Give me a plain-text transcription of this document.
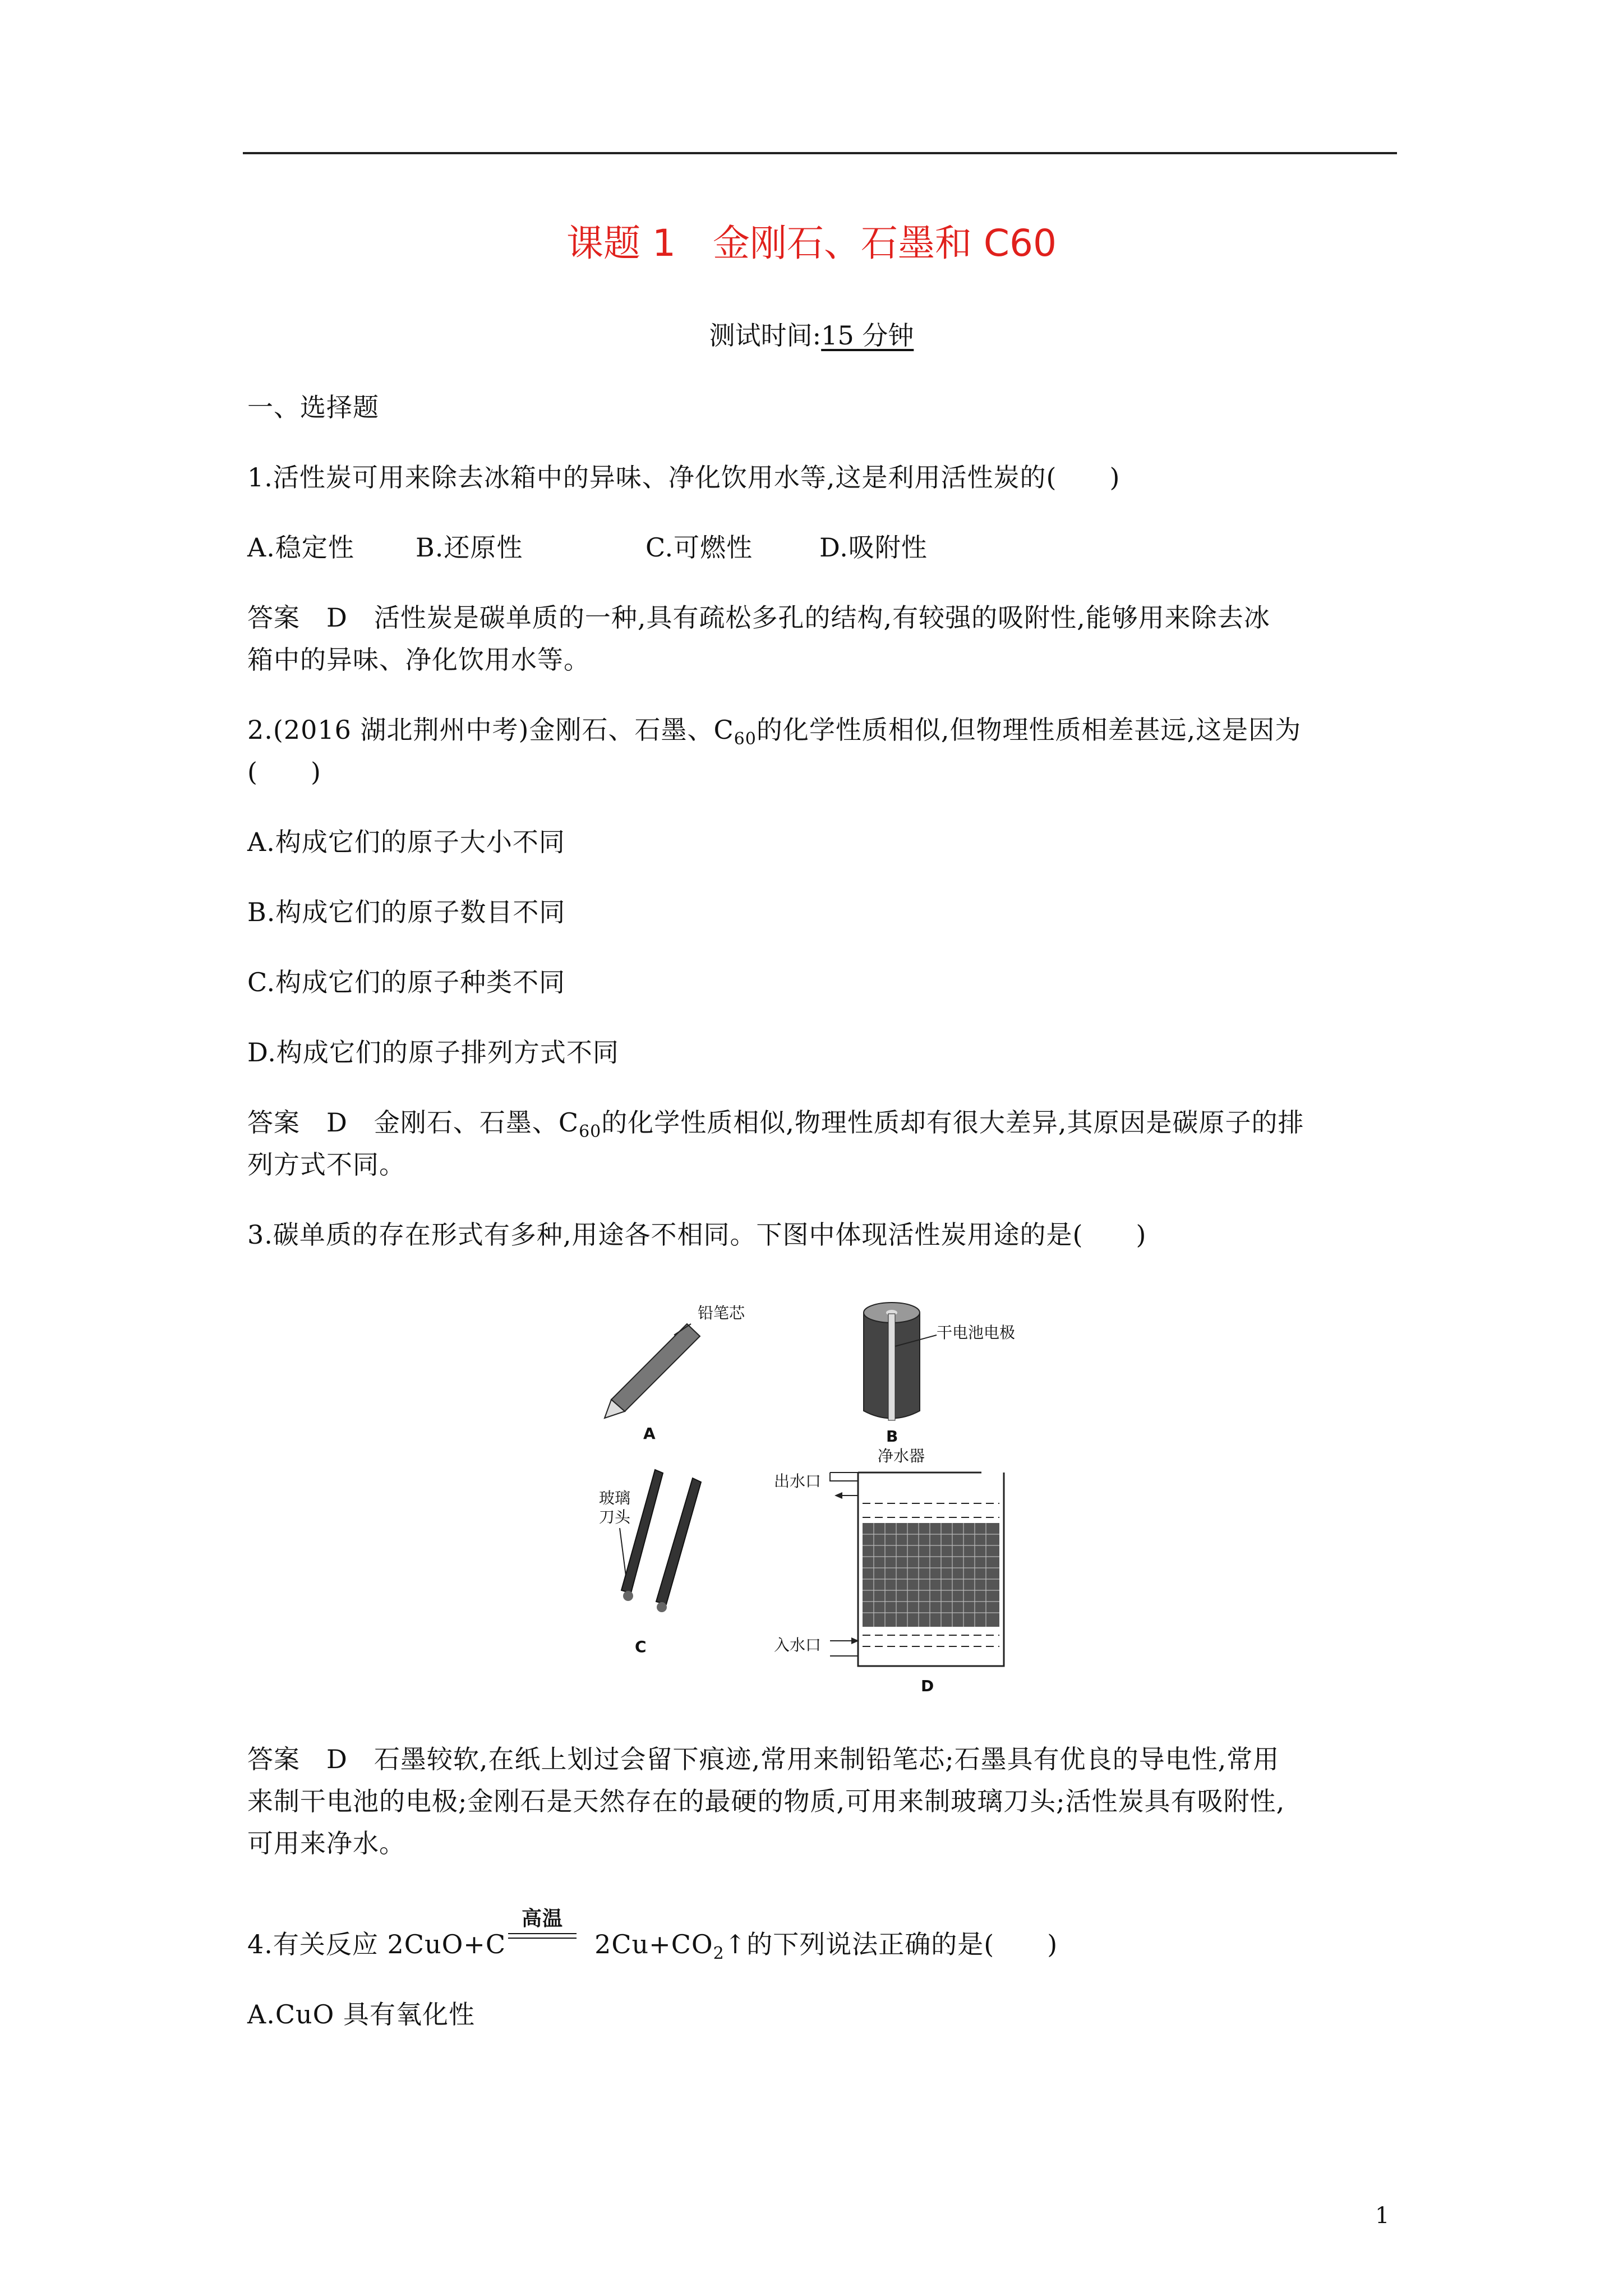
课题 1　金刚石、石墨和 C60
测试时间:15 分钟
一、选择题
1.活性炭可用来除去冰箱中的异味、净化饮用水等,这是利用活性炭的(　　)
A.稳定性 B.还原性	C.可燃性	D.吸附性
答案　D　活性炭是碳单质的一种,具有疏松多孔的结构,有较强的吸附性,能够用来除去冰
箱中的异味、净化饮用水等。
2.(2016 湖北荆州中考)金刚石、石墨、$C_{60}$的化学性质相似,但物理性质相差甚远,这是因为
(　　)
A.构成它们的原子大小不同
B.构成它们的原子数目不同
C.构成它们的原子种类不同
D.构成它们的原子排列方式不同
答案　D　金刚石、石墨、$C_{60}$的化学性质相似,物理性质却有很大差异,其原因是碳原子的排
列方式不同。
3.碳单质的存在形式有多种,用途各不相同。下图中体现活性炭用途的是(　　)
铅笔芯
A
干电池电极
B
玻璃
刀头
C
净水器
出水口
入水口
D
答案　D　石墨较软,在纸上划过会留下痕迹,常用来制铅笔芯;石墨具有优良的导电性,常用
来制干电池的电极;金刚石是天然存在的最硬的物质,可用来制玻璃刀头;活性炭具有吸附性,
可用来净水。
4.有关反应 2CuO+C
高温
$2Cu+CO_2↑$的下列说法正确的是(　　)
A.CuO 具有氧化性
1
